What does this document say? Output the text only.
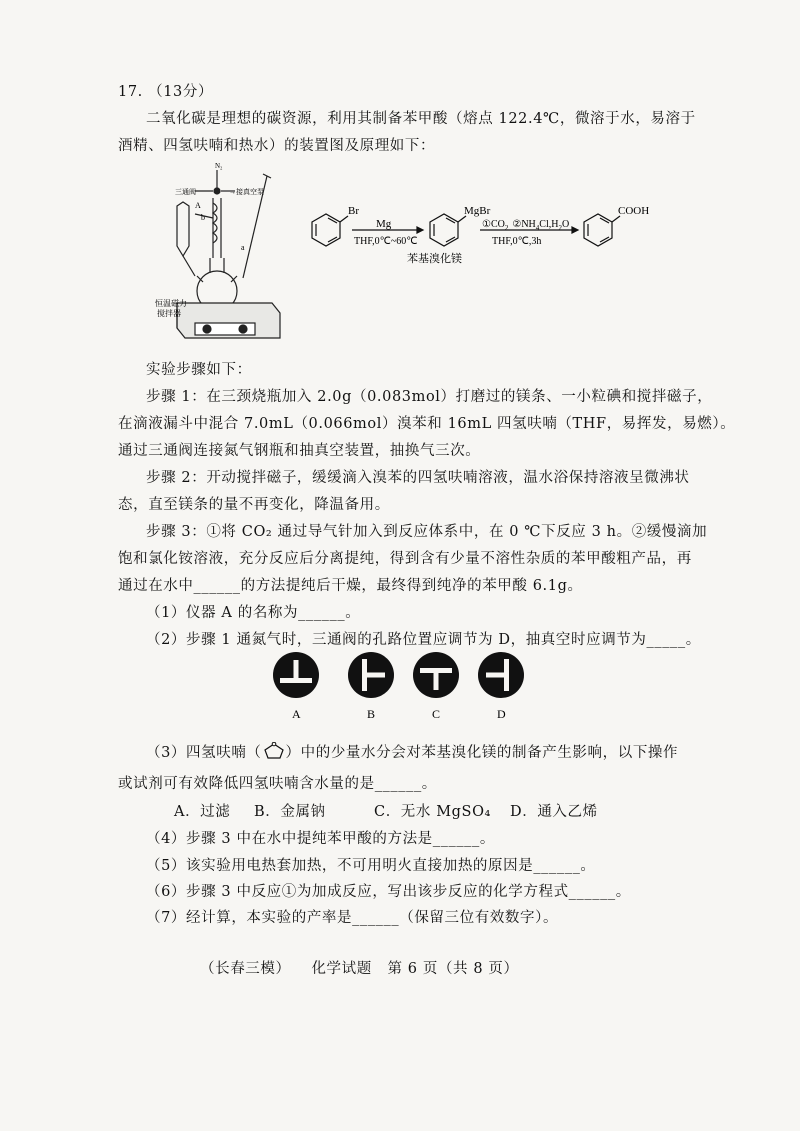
17. （13分）
二氧化碳是理想的碳资源，利用其制备苯甲酸（熔点 122.4℃，微溶于水，易溶于
酒精、四氢呋喃和热水）的装置图及原理如下：
N₂
三通阀	→接真空泵
A
b
a
恒温磁力
搅拌器
Br
Mg
THF,0℃~60℃
MgBr
$①CO_2$ $②NH_4Cl,H_2O$
THF,0℃,3h
COOH
苯基溴化镁
实验步骤如下：
步骤 1：在三颈烧瓶加入 2.0g（0.083mol）打磨过的镁条、一小粒碘和搅拌磁子，
在滴液漏斗中混合 7.0mL（0.066mol）溴苯和 16mL 四氢呋喃（THF，易挥发，易燃）。
通过三通阀连接氮气钢瓶和抽真空装置，抽换气三次。
步骤 2：开动搅拌磁子，缓缓滴入溴苯的四氢呋喃溶液，温水浴保持溶液呈微沸状
态，直至镁条的量不再变化，降温备用。
步骤 3：①将 CO₂ 通过导气针加入到反应体系中，在 0 ℃下反应 3 h。②缓慢滴加
饱和氯化铵溶液，充分反应后分离提纯，得到含有少量不溶性杂质的苯甲酸粗产品，再
通过在水中______的方法提纯后干燥，最终得到纯净的苯甲酸 6.1g。
（1）仪器 A 的名称为______。
（2）步骤 1 通氮气时，三通阀的孔路位置应调节为 D，抽真空时应调节为_____。
A	B	C	D
（3）四氢呋喃（ ）中的少量水分会对苯基溴化镁的制备产生影响，以下操作
或试剂可有效降低四氢呋喃含水量的是______。
A．过滤 B．金属钠	C．无水 MgSO₄ D．通入乙烯
（4）步骤 3 中在水中提纯苯甲酸的方法是______。
（5）该实验用电热套加热，不可用明火直接加热的原因是______。
（6）步骤 3 中反应①为加成反应，写出该步反应的化学方程式______。
（7）经计算，本实验的产率是______（保留三位有效数字）。
（长春三模） 化学试题 第 6 页（共 8 页）
